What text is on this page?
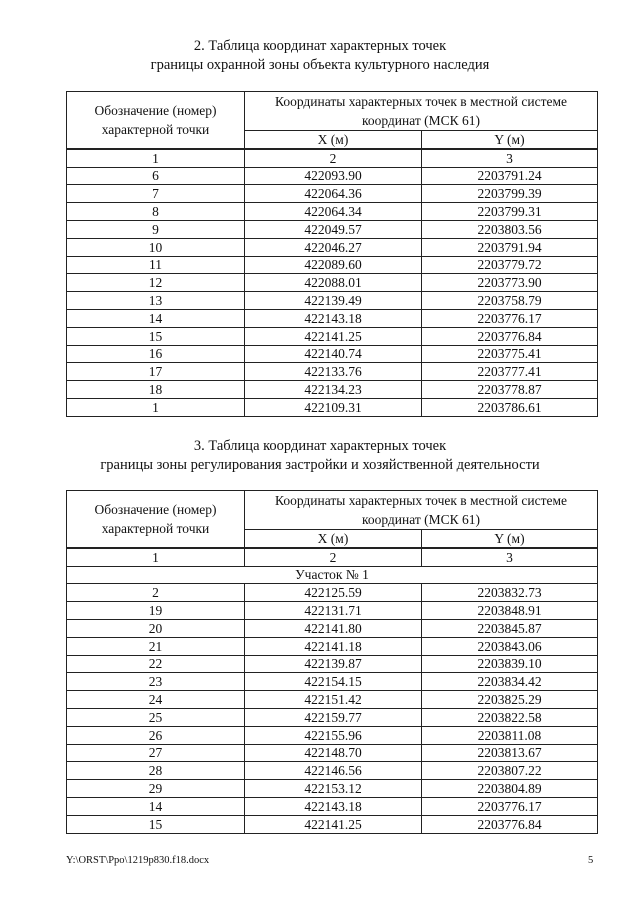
2. Таблица координат характерных точек
границы охранной зоны объекта культурного наследия
Обозначение (номер) характерной точки	Координаты характерных точек в местной системе координат (МСК 61)	
	X (м)	Y (м)
1	2	3
6	422093.90	2203791.24
7	422064.36	2203799.39
8	422064.34	2203799.31
9	422049.57	2203803.56
10	422046.27	2203791.94
11	422089.60	2203779.72
12	422088.01	2203773.90
13	422139.49	2203758.79
14	422143.18	2203776.17
15	422141.25	2203776.84
16	422140.74	2203775.41
17	422133.76	2203777.41
18	422134.23	2203778.87
1	422109.31	2203786.61
3. Таблица координат характерных точек
границы зоны регулирования застройки и хозяйственной деятельности
Обозначение (номер) характерной точки	Координаты характерных точек в местной системе координат (МСК 61)	
	X (м)	Y (м)
1	2	3
Участок № 1		
2	422125.59	2203832.73
19	422131.71	2203848.91
20	422141.80	2203845.87
21	422141.18	2203843.06
22	422139.87	2203839.10
23	422154.15	2203834.42
24	422151.42	2203825.29
25	422159.77	2203822.58
26	422155.96	2203811.08
27	422148.70	2203813.67
28	422146.56	2203807.22
29	422153.12	2203804.89
14	422143.18	2203776.17
15	422141.25	2203776.84
Y:\ORST\Ppo\1219p830.f18.docx	5
